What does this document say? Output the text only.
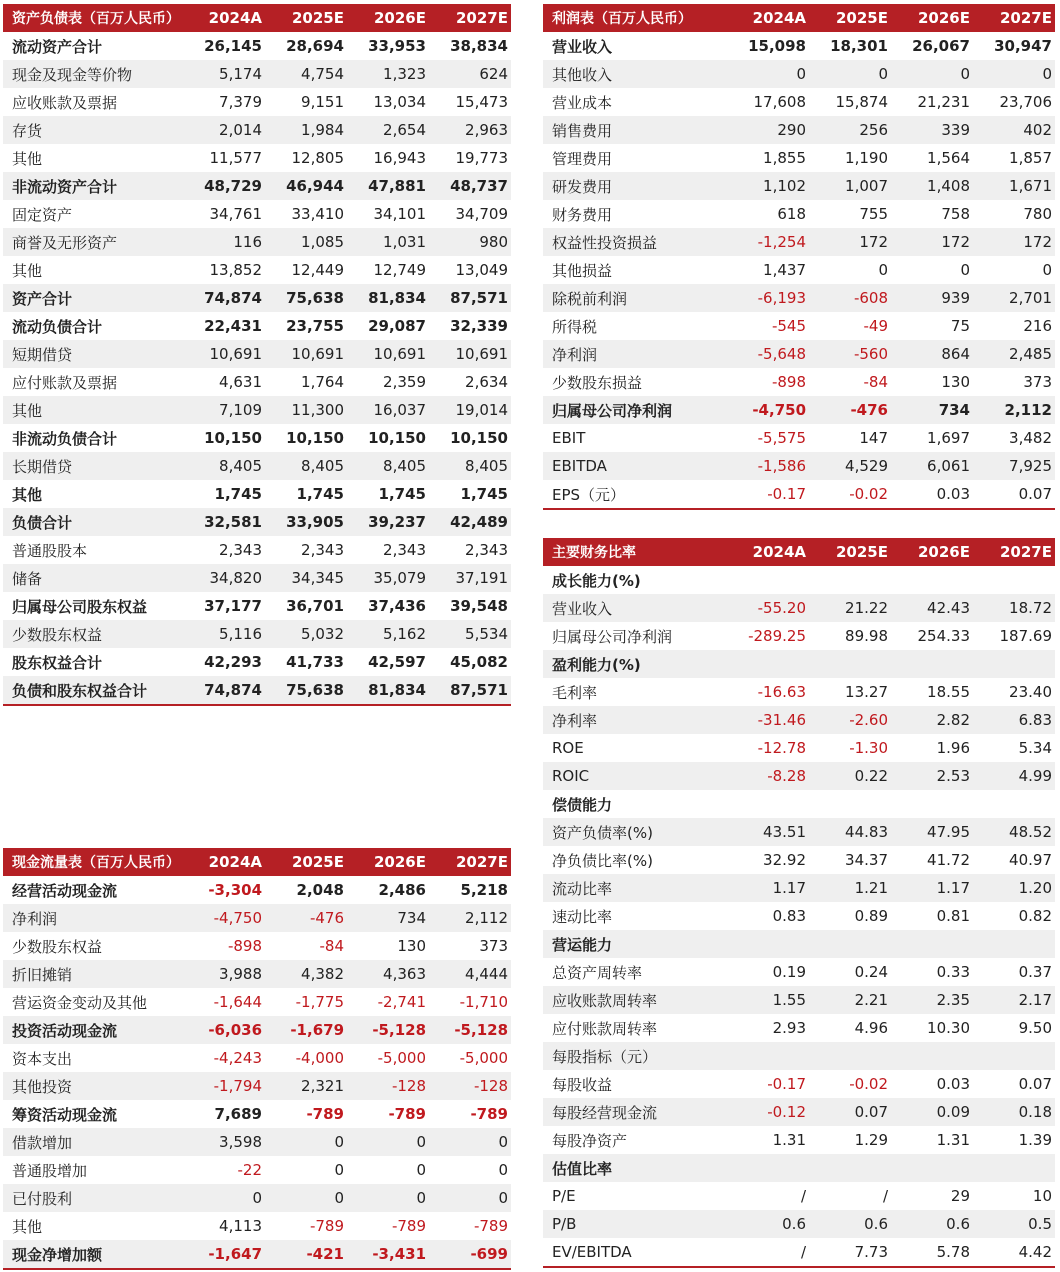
资产负债表（百万人民币）	2024A	2025E	2026E	2027E
流动资产合计	26,145	28,694	33,953	38,834
现金及现金等价物	5,174	4,754	1,323	624
应收账款及票据	7,379	9,151	13,034	15,473
存货	2,014	1,984	2,654	2,963
其他	11,577	12,805	16,943	19,773
非流动资产合计	48,729	46,944	47,881	48,737
固定资产	34,761	33,410	34,101	34,709
商誉及无形资产	116	1,085	1,031	980
其他	13,852	12,449	12,749	13,049
资产合计	74,874	75,638	81,834	87,571
流动负债合计	22,431	23,755	29,087	32,339
短期借贷	10,691	10,691	10,691	10,691
应付账款及票据	4,631	1,764	2,359	2,634
其他	7,109	11,300	16,037	19,014
非流动负债合计	10,150	10,150	10,150	10,150
长期借贷	8,405	8,405	8,405	8,405
其他	1,745	1,745	1,745	1,745
负债合计	32,581	33,905	39,237	42,489
普通股股本	2,343	2,343	2,343	2,343
储备	34,820	34,345	35,079	37,191
归属母公司股东权益	37,177	36,701	37,436	39,548
少数股东权益	5,116	5,032	5,162	5,534
股东权益合计	42,293	41,733	42,597	45,082
负债和股东权益合计	74,874	75,638	81,834	87,571
利润表（百万人民币）	2024A	2025E	2026E	2027E
营业收入	15,098	18,301	26,067	30,947
其他收入	0	0	0	0
营业成本	17,608	15,874	21,231	23,706
销售费用	290	256	339	402
管理费用	1,855	1,190	1,564	1,857
研发费用	1,102	1,007	1,408	1,671
财务费用	618	755	758	780
权益性投资损益	-1,254	172	172	172
其他损益	1,437	0	0	0
除税前利润	-6,193	-608	939	2,701
所得税	-545	-49	75	216
净利润	-5,648	-560	864	2,485
少数股东损益	-898	-84	130	373
归属母公司净利润	-4,750	-476	734	2,112
EBIT	-5,575	147	1,697	3,482
EBITDA	-1,586	4,529	6,061	7,925
EPS（元）	-0.17	-0.02	0.03	0.07
主要财务比率	2024A	2025E	2026E	2027E
成长能力(%)				
营业收入	-55.20	21.22	42.43	18.72
归属母公司净利润	-289.25	89.98	254.33	187.69
盈利能力(%)				
毛利率	-16.63	13.27	18.55	23.40
净利率	-31.46	-2.60	2.82	6.83
ROE	-12.78	-1.30	1.96	5.34
ROIC	-8.28	0.22	2.53	4.99
偿债能力				
资产负债率(%)	43.51	44.83	47.95	48.52
净负债比率(%)	32.92	34.37	41.72	40.97
流动比率	1.17	1.21	1.17	1.20
速动比率	0.83	0.89	0.81	0.82
营运能力				
总资产周转率	0.19	0.24	0.33	0.37
应收账款周转率	1.55	2.21	2.35	2.17
应付账款周转率	2.93	4.96	10.30	9.50
每股指标（元）				
每股收益	-0.17	-0.02	0.03	0.07
每股经营现金流	-0.12	0.07	0.09	0.18
每股净资产	1.31	1.29	1.31	1.39
估值比率				
P/E	/	/	29	10
P/B	0.6	0.6	0.6	0.5
EV/EBITDA	/	7.73	5.78	4.42
现金流量表（百万人民币）	2024A	2025E	2026E	2027E
经营活动现金流	-3,304	2,048	2,486	5,218
净利润	-4,750	-476	734	2,112
少数股东权益	-898	-84	130	373
折旧摊销	3,988	4,382	4,363	4,444
营运资金变动及其他	-1,644	-1,775	-2,741	-1,710
投资活动现金流	-6,036	-1,679	-5,128	-5,128
资本支出	-4,243	-4,000	-5,000	-5,000
其他投资	-1,794	2,321	-128	-128
筹资活动现金流	7,689	-789	-789	-789
借款增加	3,598	0	0	0
普通股增加	-22	0	0	0
已付股利	0	0	0	0
其他	4,113	-789	-789	-789
现金净增加额	-1,647	-421	-3,431	-699
